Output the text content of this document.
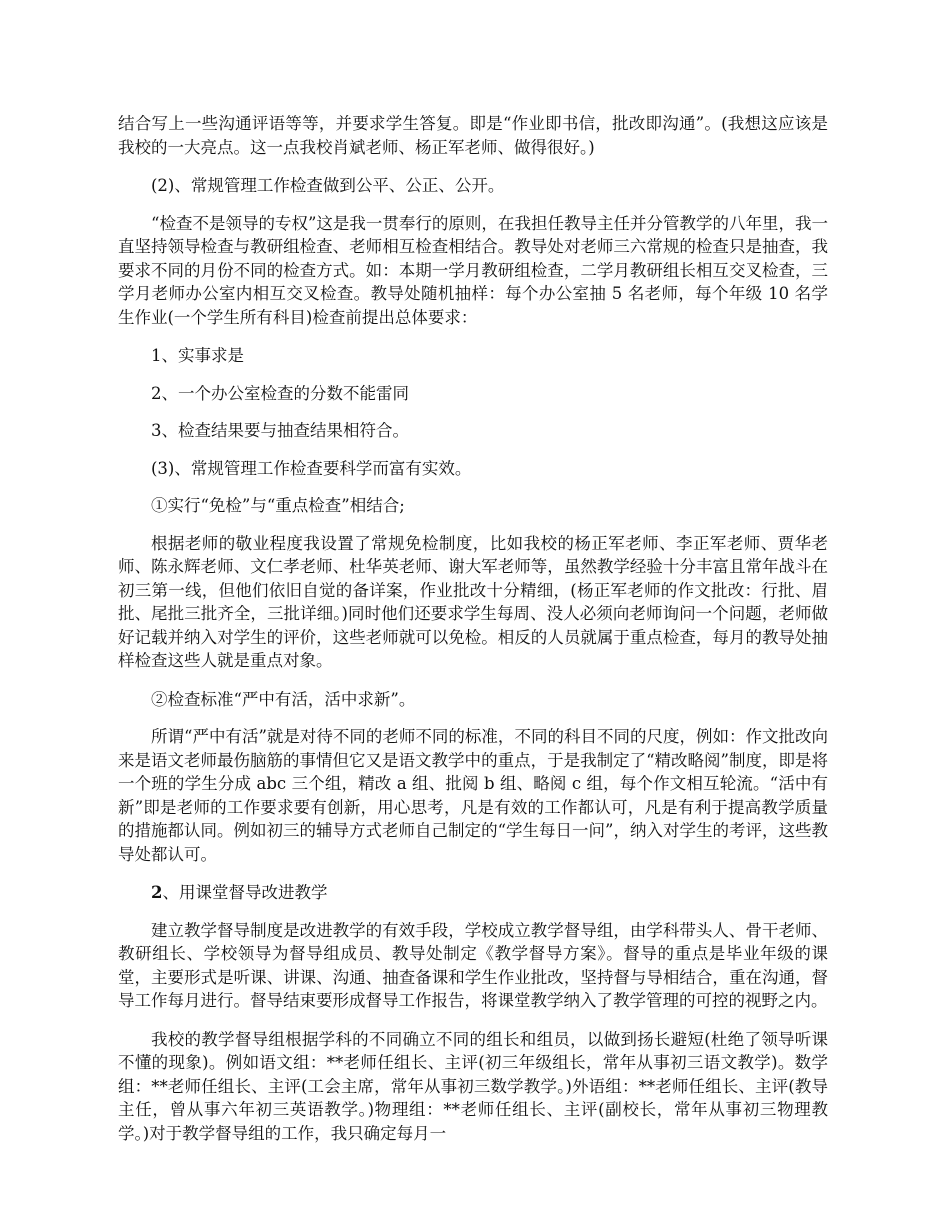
结合写上一些沟通评语等等，并要求学生答复。即是“作业即书信，批改即沟通”。(我想这应该是我校的一大亮点。这一点我校肖斌老师、杨正军老师、做得很好。)

(2)、常规管理工作检查做到公平、公正、公开。

“检查不是领导的专权”这是我一贯奉行的原则，在我担任教导主任并分管教学的八年里，我一直坚持领导检查与教研组检查、老师相互检查相结合。教导处对老师三六常规的检查只是抽查，我要求不同的月份不同的检查方式。如：本期一学月教研组检查，二学月教研组长相互交叉检查，三学月老师办公室内相互交叉检查。教导处随机抽样：每个办公室抽 5 名老师，每个年级 10 名学生作业(一个学生所有科目)检查前提出总体要求：

1、实事求是

2、一个办公室检查的分数不能雷同

3、检查结果要与抽查结果相符合。

(3)、常规管理工作检查要科学而富有实效。

①实行“免检”与“重点检查”相结合;

根据老师的敬业程度我设置了常规免检制度，比如我校的杨正军老师、李正军老师、贾华老师、陈永辉老师、文仁孝老师、杜华英老师、谢大军老师等，虽然教学经验十分丰富且常年战斗在初三第一线，但他们依旧自觉的备详案，作业批改十分精细，(杨正军老师的作文批改：行批、眉批、尾批三批齐全，三批详细。)同时他们还要求学生每周、没人必须向老师询问一个问题，老师做好记载并纳入对学生的评价，这些老师就可以免检。相反的人员就属于重点检查，每月的教导处抽样检查这些人就是重点对象。

②检查标准“严中有活，活中求新”。

所谓“严中有活”就是对待不同的老师不同的标准，不同的科目不同的尺度，例如：作文批改向来是语文老师最伤脑筋的事情但它又是语文教学中的重点，于是我制定了“精改略阅”制度，即是将一个班的学生分成 abc 三个组，精改 a 组、批阅 b 组、略阅 c 组，每个作文相互轮流。“活中有新”即是老师的工作要求要有创新，用心思考，凡是有效的工作都认可，凡是有利于提高教学质量的措施都认同。例如初三的辅导方式老师自己制定的“学生每日一问”，纳入对学生的考评，这些教导处都认可。

2、用课堂督导改进教学

建立教学督导制度是改进教学的有效手段，学校成立教学督导组，由学科带头人、骨干老师、教研组长、学校领导为督导组成员、教导处制定《教学督导方案》。督导的重点是毕业年级的课堂，主要形式是听课、讲课、沟通、抽查备课和学生作业批改，坚持督与导相结合，重在沟通，督导工作每月进行。督导结束要形成督导工作报告，将课堂教学纳入了教学管理的可控的视野之内。

我校的教学督导组根据学科的不同确立不同的组长和组员，以做到扬长避短(杜绝了领导听课不懂的现象)。例如语文组：**老师任组长、主评(初三年级组长，常年从事初三语文教学)。数学组：**老师任组长、主评(工会主席，常年从事初三数学教学。)外语组：**老师任组长、主评(教导主任，曾从事六年初三英语教学。)物理组：**老师任组长、主评(副校长，常年从事初三物理教学。)对于教学督导组的工作，我只确定每月一
